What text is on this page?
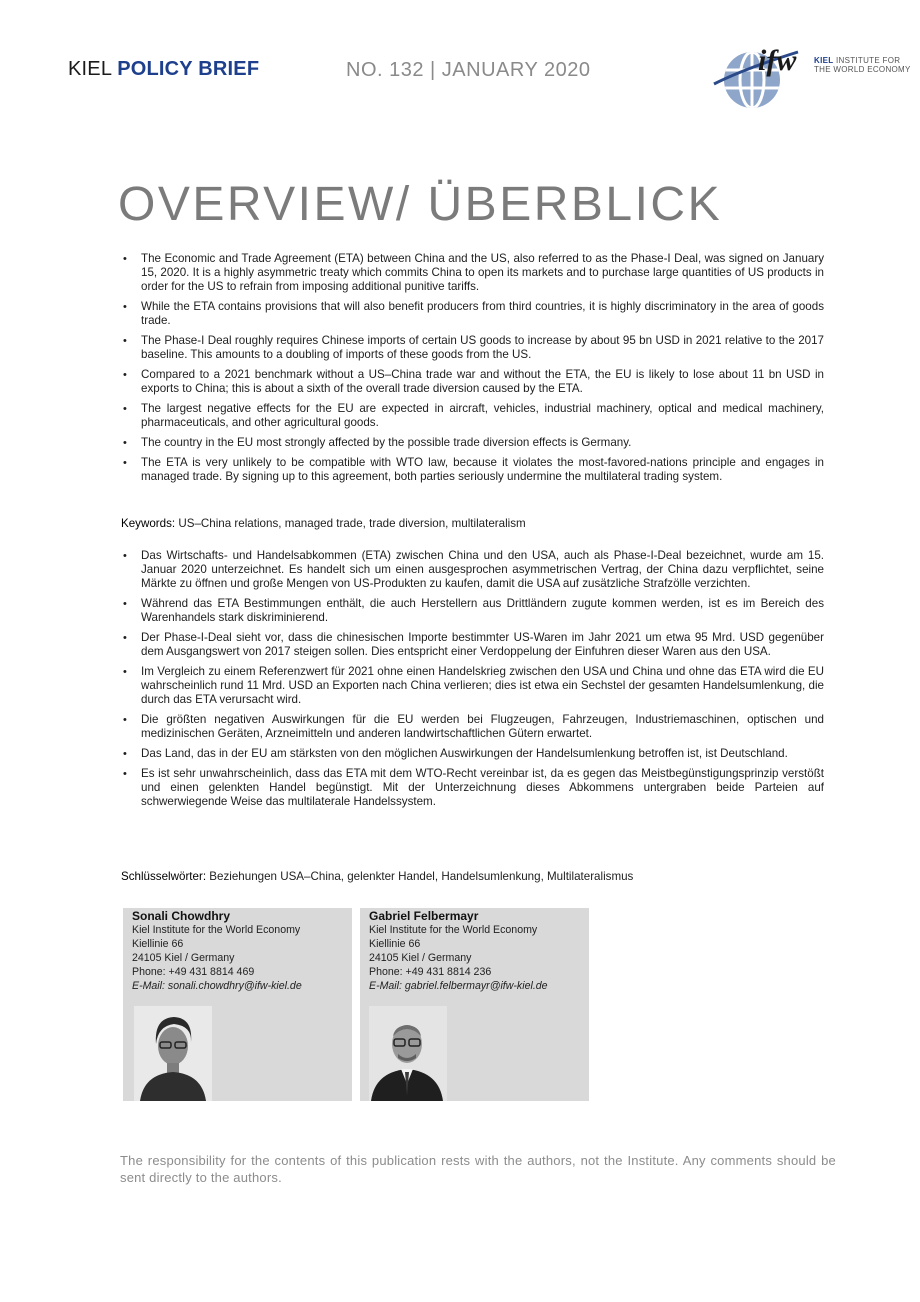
KIEL POLICY BRIEF	NO. 132 | JANUARY 2020	ifw KIEL INSTITUTE FOR
THE WORLD ECONOMY
OVERVIEW/ ÜBERBLICK
• The Economic and Trade Agreement (ETA) between China and the US, also referred to as the Phase-I Deal, was signed on January 15, 2020. It is a highly asymmetric treaty which commits China to open its markets and to purchase large quantities of US products in order for the US to refrain from imposing additional punitive tariffs.
• While the ETA contains provisions that will also benefit producers from third countries, it is highly discriminatory in the area of goods trade.
• The Phase-I Deal roughly requires Chinese imports of certain US goods to increase by about 95 bn USD in 2021 relative to the 2017 baseline. This amounts to a doubling of imports of these goods from the US.
• Compared to a 2021 benchmark without a US–China trade war and without the ETA, the EU is likely to lose about 11 bn USD in exports to China; this is about a sixth of the overall trade diversion caused by the ETA.
• The largest negative effects for the EU are expected in aircraft, vehicles, industrial machinery, optical and medical machinery, pharmaceuticals, and other agricultural goods.
• The country in the EU most strongly affected by the possible trade diversion effects is Germany.
• The ETA is very unlikely to be compatible with WTO law, because it violates the most-favored-nations principle and engages in managed trade. By signing up to this agreement, both parties seriously undermine the multilateral trading system.
Keywords: US–China relations, managed trade, trade diversion, multilateralism
• Das Wirtschafts- und Handelsabkommen (ETA) zwischen China und den USA, auch als Phase-I-Deal bezeichnet, wurde am 15. Januar 2020 unterzeichnet. Es handelt sich um einen ausgesprochen asymmetrischen Vertrag, der China dazu verpflichtet, seine Märkte zu öffnen und große Mengen von US-Produkten zu kaufen, damit die USA auf zusätzliche Strafzölle verzichten.
• Während das ETA Bestimmungen enthält, die auch Herstellern aus Drittländern zugute kommen werden, ist es im Bereich des Warenhandels stark diskriminierend.
• Der Phase-I-Deal sieht vor, dass die chinesischen Importe bestimmter US-Waren im Jahr 2021 um etwa 95 Mrd. USD gegenüber dem Ausgangswert von 2017 steigen sollen. Dies entspricht einer Verdoppelung der Einfuhren dieser Waren aus den USA.
• Im Vergleich zu einem Referenzwert für 2021 ohne einen Handelskrieg zwischen den USA und China und ohne das ETA wird die EU wahrscheinlich rund 11 Mrd. USD an Exporten nach China verlieren; dies ist etwa ein Sechstel der gesamten Handelsumlenkung, die durch das ETA verursacht wird.
• Die größten negativen Auswirkungen für die EU werden bei Flugzeugen, Fahrzeugen, Industriemaschinen, optischen und medizinischen Geräten, Arzneimitteln und anderen landwirtschaftlichen Gütern erwartet.
• Das Land, das in der EU am stärksten von den möglichen Auswirkungen der Handelsumlenkung betroffen ist, ist Deutschland.
• Es ist sehr unwahrscheinlich, dass das ETA mit dem WTO-Recht vereinbar ist, da es gegen das Meistbegünstigungsprinzip verstößt und einen gelenkten Handel begünstigt. Mit der Unterzeichnung dieses Abkommens untergraben beide Parteien auf schwerwiegende Weise das multilaterale Handelssystem.
Schlüsselwörter: Beziehungen USA–China, gelenkter Handel, Handelsumlenkung, Multilateralismus
Sonali Chowdhry
Kiel Institute for the World Economy
Kiellinie 66
24105 Kiel / Germany
Phone: +49 431 8814 469
E-Mail: sonali.chowdhry@ifw-kiel.de
Gabriel Felbermayr
Kiel Institute for the World Economy
Kiellinie 66
24105 Kiel / Germany
Phone: +49 431 8814 236
E-Mail: gabriel.felbermayr@ifw-kiel.de
The responsibility for the contents of this publication rests with the authors, not the Institute. Any comments should be sent directly to the authors.
